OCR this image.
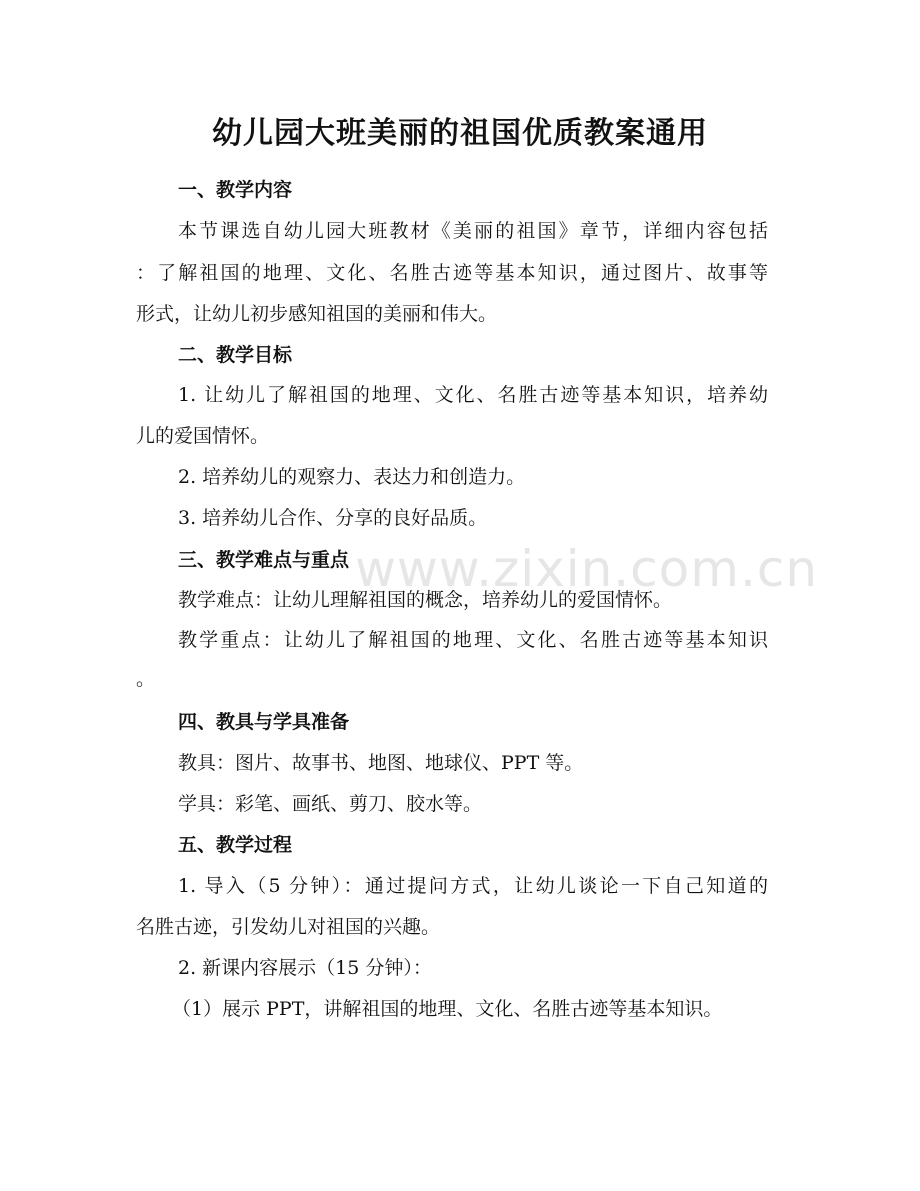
www.zixin.com.cn
幼儿园大班美丽的祖国优质教案通用

一、教学内容

本节课选自幼儿园大班教材《美丽的祖国》章节，详细内容包括

：了解祖国的地理、文化、名胜古迹等基本知识，通过图片、故事等

形式，让幼儿初步感知祖国的美丽和伟大。

二、教学目标

1. 让幼儿了解祖国的地理、文化、名胜古迹等基本知识，培养幼

儿的爱国情怀。

2. 培养幼儿的观察力、表达力和创造力。

3. 培养幼儿合作、分享的良好品质。

三、教学难点与重点

教学难点：让幼儿理解祖国的概念，培养幼儿的爱国情怀。

教学重点：让幼儿了解祖国的地理、文化、名胜古迹等基本知识

。

四、教具与学具准备

教具：图片、故事书、地图、地球仪、PPT 等。

学具：彩笔、画纸、剪刀、胶水等。

五、教学过程

1. 导入（5 分钟）：通过提问方式，让幼儿谈论一下自己知道的

名胜古迹，引发幼儿对祖国的兴趣。

2. 新课内容展示（15 分钟）：

（1）展示 PPT，讲解祖国的地理、文化、名胜古迹等基本知识。
